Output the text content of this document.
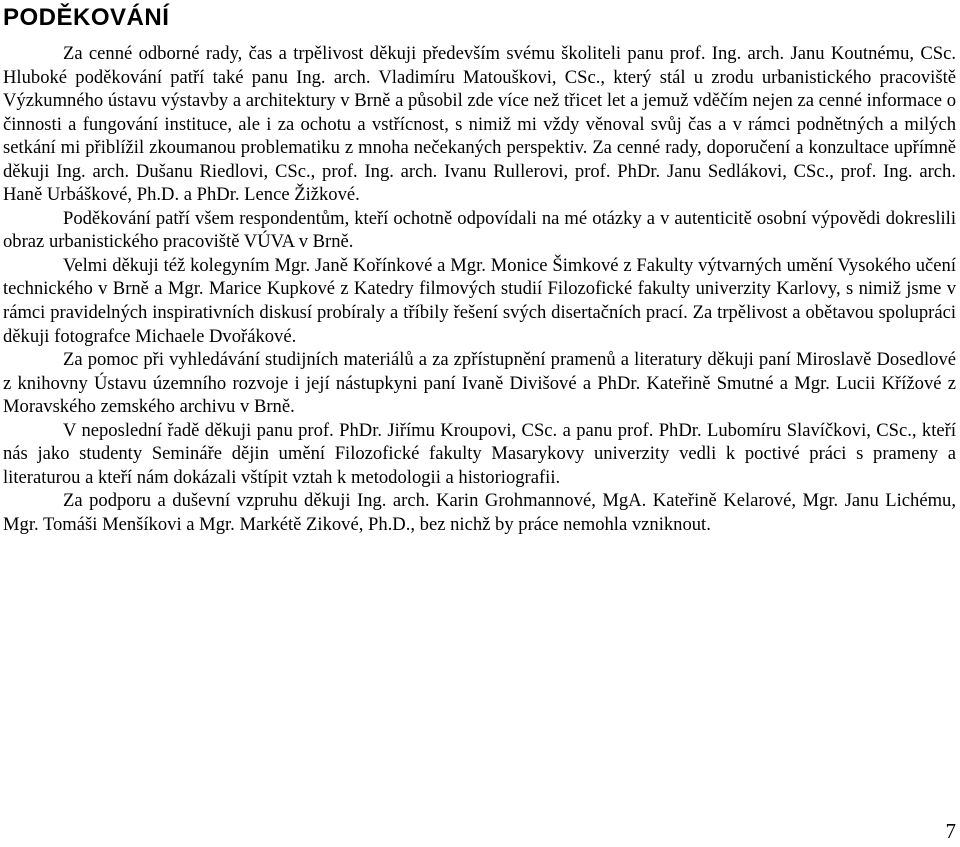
PODĚKOVÁNÍ

Za cenné odborné rady, čas a trpělivost děkuji především svému školiteli panu prof. Ing. arch. Janu Koutnému, CSc. Hluboké poděkování patří také panu Ing. arch. Vladimíru Matouškovi, CSc., který stál u zrodu urbanistického pracoviště Výzkumného ústavu výstavby a architektury v Brně a působil zde více než třicet let a jemuž vděčím nejen za cenné informace o činnosti a fungování instituce, ale i za ochotu a vstřícnost, s nimiž mi vždy věnoval svůj čas a v rámci podnětných a milých setkání mi přiblížil zkoumanou problematiku z mnoha nečekaných perspektiv. Za cenné rady, doporučení a konzultace upřímně děkuji Ing. arch. Dušanu Riedlovi, CSc., prof. Ing. arch. Ivanu Rullerovi, prof. PhDr. Janu Sedlákovi, CSc., prof. Ing. arch. Haně Urbáškové, Ph.D. a PhDr. Lence Žižkové.

Poděkování patří všem respondentům, kteří ochotně odpovídali na mé otázky a v autenticitě osobní výpovědi dokreslili obraz urbanistického pracoviště VÚVA v Brně.

Velmi děkuji též kolegyním Mgr. Janě Kořínkové a Mgr. Monice Šimkové z Fakulty výtvarných umění Vysokého učení technického v Brně a Mgr. Marice Kupkové z Katedry filmových studií Filozofické fakulty univerzity Karlovy, s nimiž jsme v rámci pravidelných inspirativních diskusí probíraly a tříbily řešení svých disertačních prací. Za trpělivost a obětavou spolupráci děkuji fotografce Michaele Dvořákové.

Za pomoc při vyhledávání studijních materiálů a za zpřístupnění pramenů a literatury děkuji paní Miroslavě Dosedlové z knihovny Ústavu územního rozvoje i její nástupkyni paní Ivaně Divišové a PhDr. Kateřině Smutné a Mgr. Lucii Křížové z Moravského zemského archivu v Brně.

V neposlední řadě děkuji panu prof. PhDr. Jiřímu Kroupovi, CSc. a panu prof. PhDr. Lubomíru Slavíčkovi, CSc., kteří nás jako studenty Semináře dějin umění Filozofické fakulty Masarykovy univerzity vedli k poctivé práci s prameny a literaturou a kteří nám dokázali vštípit vztah k metodologii a historiografii.

Za podporu a duševní vzpruhu děkuji Ing. arch. Karin Grohmannové, MgA. Kateřině Kelarové, Mgr. Janu Lichému, Mgr. Tomáši Menšíkovi a Mgr. Markétě Zikové, Ph.D., bez nichž by práce nemohla vzniknout.

7
